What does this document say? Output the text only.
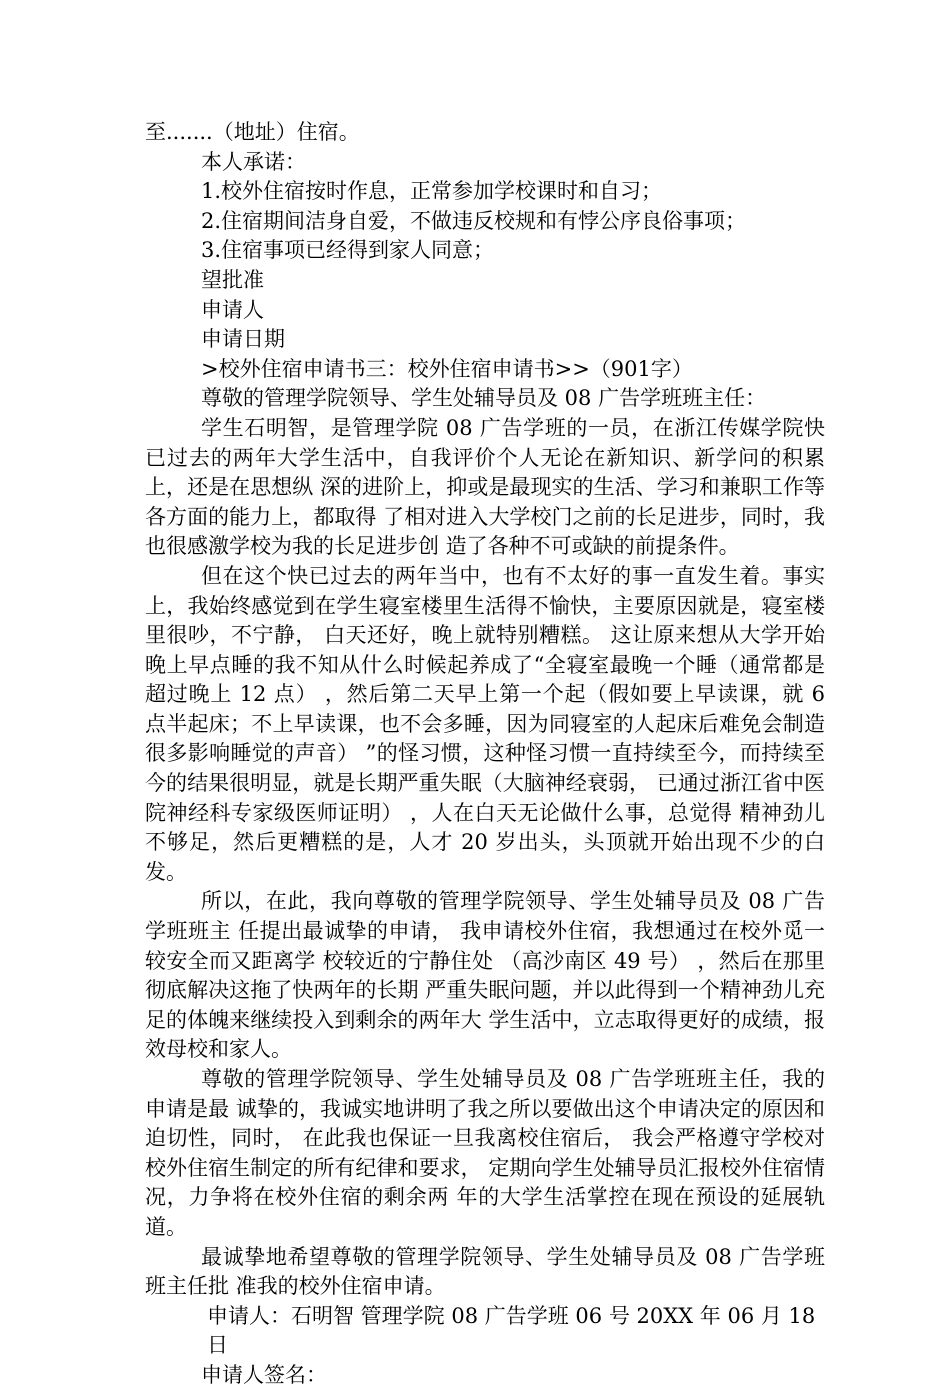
至.......（地址）住宿。
本人承诺：
1.校外住宿按时作息，正常参加学校课时和自习；
2.住宿期间洁身自爱，不做违反校规和有悖公序良俗事项；
3.住宿事项已经得到家人同意；
望批准
申请人
申请日期
>校外住宿申请书三：校外住宿申请书>>（901字）
尊敬的管理学院领导、学生处辅导员及 08 广告学班班主任：
学生石明智，是管理学院 08 广告学班的一员，在浙江传媒学院快已过去的两年大学生活中，自我评价个人无论在新知识、新学问的积累上，还是在思想纵 深的进阶上，抑或是最现实的生活、学习和兼职工作等各方面的能力上，都取得 了相对进入大学校门之前的长足进步，同时，我也很感激学校为我的长足进步创 造了各种不可或缺的前提条件。
但在这个快已过去的两年当中，也有不太好的事一直发生着。事实上，我始终感觉到在学生寝室楼里生活得不愉快，主要原因就是，寝室楼里很吵，不宁静， 白天还好，晚上就特别糟糕。 这让原来想从大学开始晚上早点睡的我不知从什么时候起养成了“全寝室最晚一个睡（通常都是超过晚上 12 点） ，然后第二天早上第一个起（假如要上早读课，就 6 点半起床；不上早读课，也不会多睡，因为同寝室的人起床后难免会制造很多影响睡觉的声音） ”的怪习惯，这种怪习惯一直持续至今，而持续至今的结果很明显，就是长期严重失眠（大脑神经衰弱， 已通过浙江省中医院神经科专家级医师证明） ，人在白天无论做什么事，总觉得 精神劲儿不够足，然后更糟糕的是，人才 20 岁出头，头顶就开始出现不少的白 发。
所以，在此，我向尊敬的管理学院领导、学生处辅导员及 08 广告学班班主 任提出最诚挚的申请， 我申请校外住宿，我想通过在校外觅一较安全而又距离学 校较近的宁静住处 （高沙南区 49 号） ，然后在那里彻底解决这拖了快两年的长期 严重失眠问题，并以此得到一个精神劲儿充足的体魄来继续投入到剩余的两年大 学生活中，立志取得更好的成绩，报效母校和家人。
尊敬的管理学院领导、学生处辅导员及 08 广告学班班主任，我的申请是最 诚挚的，我诚实地讲明了我之所以要做出这个申请决定的原因和迫切性，同时， 在此我也保证一旦我离校住宿后， 我会严格遵守学校对校外住宿生制定的所有纪律和要求， 定期向学生处辅导员汇报校外住宿情况，力争将在校外住宿的剩余两 年的大学生活掌控在现在预设的延展轨道。
最诚挚地希望尊敬的管理学院领导、学生处辅导员及 08 广告学班班主任批 准我的校外住宿申请。
申请人：石明智 管理学院 08 广告学班 06 号 20XX 年 06 月 18 日
申请人签名：
